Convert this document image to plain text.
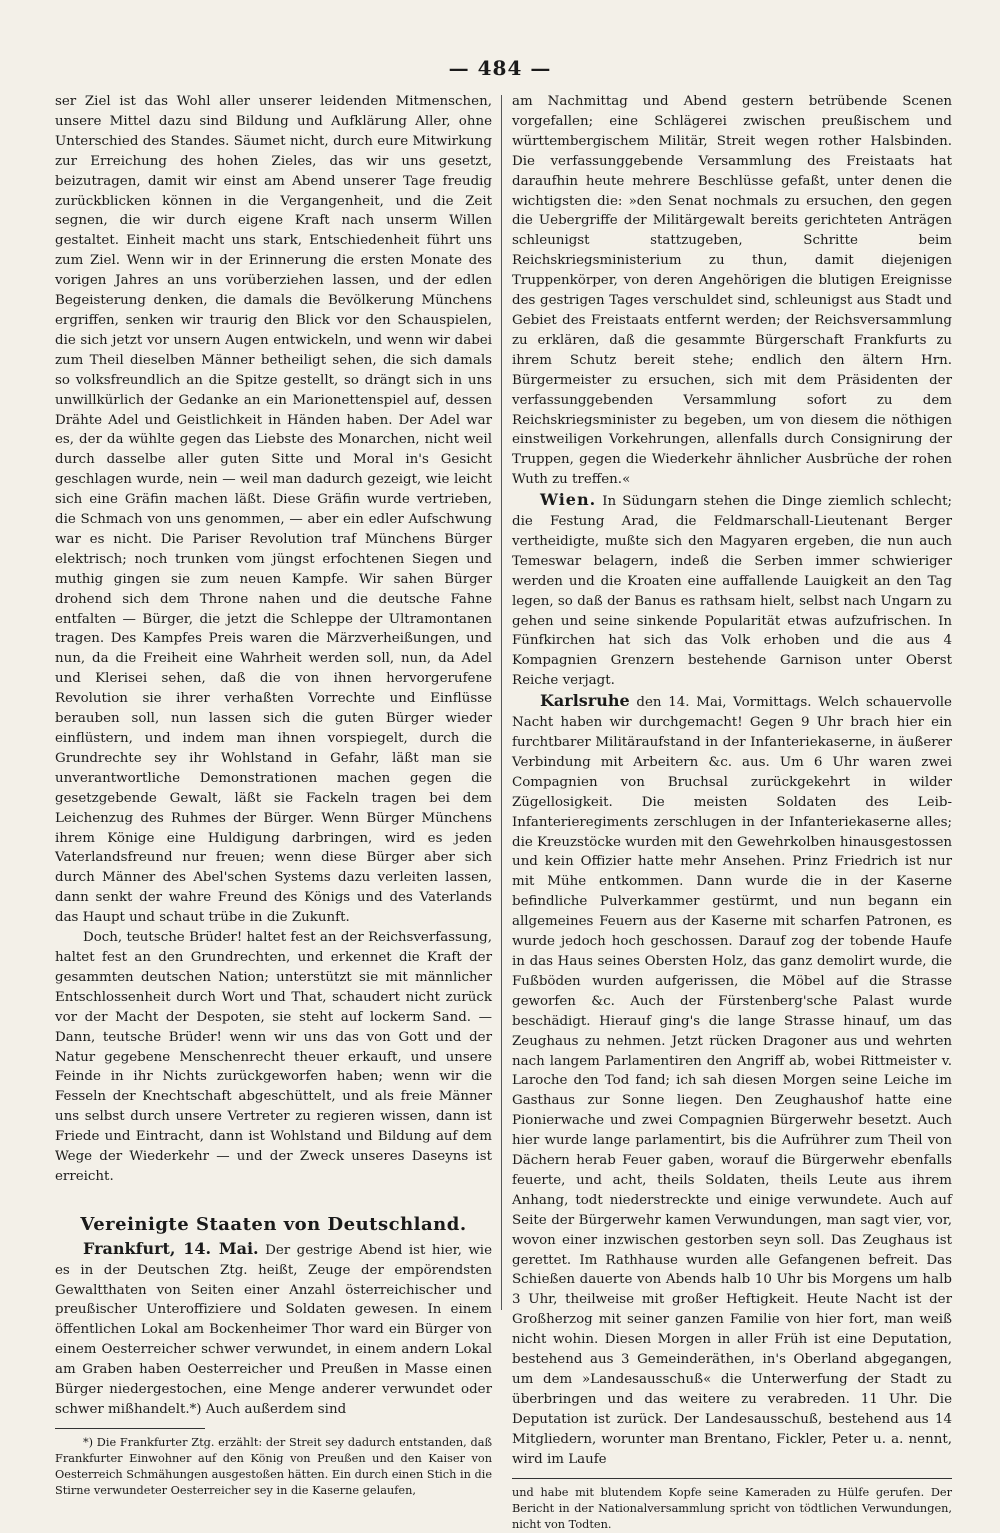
— 484 —

ser Ziel ist das Wohl aller unserer leidenden Mitmenschen, unsere Mittel dazu sind Bildung und Aufklärung Aller, ohne Unterschied des Standes. Säumet nicht, durch eure Mitwirkung zur Erreichung des hohen Zieles, das wir uns gesetzt, beizutragen, damit wir einst am Abend unserer Tage freudig zurückblicken können in die Vergangenheit, und die Zeit segnen, die wir durch eigene Kraft nach unserm Willen gestaltet. Einheit macht uns stark, Entschiedenheit führt uns zum Ziel. Wenn wir in der Erinnerung die ersten Monate des vorigen Jahres an uns vorüberziehen lassen, und der edlen Begeisterung denken, die damals die Bevölkerung Münchens ergriffen, senken wir traurig den Blick vor den Schauspielen, die sich jetzt vor unsern Augen entwickeln, und wenn wir dabei zum Theil dieselben Männer betheiligt sehen, die sich damals so volksfreundlich an die Spitze gestellt, so drängt sich in uns unwillkürlich der Gedanke an ein Marionettenspiel auf, dessen Drähte Adel und Geistlichkeit in Händen haben. Der Adel war es, der da wühlte gegen das Liebste des Monarchen, nicht weil durch dasselbe aller guten Sitte und Moral in's Gesicht geschlagen wurde, nein — weil man dadurch gezeigt, wie leicht sich eine Gräfin machen läßt. Diese Gräfin wurde vertrieben, die Schmach von uns genommen, — aber ein edler Aufschwung war es nicht. Die Pariser Revolution traf Münchens Bürger elektrisch; noch trunken vom jüngst erfochtenen Siegen und muthig gingen sie zum neuen Kampfe. Wir sahen Bürger drohend sich dem Throne nahen und die deutsche Fahne entfalten — Bürger, die jetzt die Schleppe der Ultramontanen tragen. Des Kampfes Preis waren die Märzverheißungen, und nun, da die Freiheit eine Wahrheit werden soll, nun, da Adel und Klerisei sehen, daß die von ihnen hervorgerufene Revolution sie ihrer verhaßten Vorrechte und Einflüsse berauben soll, nun lassen sich die guten Bürger wieder einflüstern, und indem man ihnen vorspiegelt, durch die Grundrechte sey ihr Wohlstand in Gefahr, läßt man sie unverantwortliche Demonstrationen machen gegen die gesetzgebende Gewalt, läßt sie Fackeln tragen bei dem Leichenzug des Ruhmes der Bürger. Wenn Bürger Münchens ihrem Könige eine Huldigung darbringen, wird es jeden Vaterlandsfreund nur freuen; wenn diese Bürger aber sich durch Männer des Abel'schen Systems dazu verleiten lassen, dann senkt der wahre Freund des Königs und des Vaterlands das Haupt und schaut trübe in die Zukunft.

Doch, teutsche Brüder! haltet fest an der Reichsverfassung, haltet fest an den Grundrechten, und erkennet die Kraft der gesammten deutschen Nation; unterstützt sie mit männlicher Entschlossenheit durch Wort und That, schaudert nicht zurück vor der Macht der Despoten, sie steht auf lockerm Sand. — Dann, teutsche Brüder! wenn wir uns das von Gott und der Natur gegebene Menschenrecht theuer erkauft, und unsere Feinde in ihr Nichts zurückgeworfen haben; wenn wir die Fesseln der Knechtschaft abgeschüttelt, und als freie Männer uns selbst durch unsere Vertreter zu regieren wissen, dann ist Friede und Eintracht, dann ist Wohlstand und Bildung auf dem Wege der Wiederkehr — und der Zweck unseres Daseyns ist erreicht.

Vereinigte Staaten von Deutschland.

Frankfurt, 14. Mai. Der gestrige Abend ist hier, wie es in der Deutschen Ztg. heißt, Zeuge der empörendsten Gewaltthaten von Seiten einer Anzahl österreichischer und preußischer Unteroffiziere und Soldaten gewesen. In einem öffentlichen Lokal am Bockenheimer Thor ward ein Bürger von einem Oesterreicher schwer verwundet, in einem andern Lokal am Graben haben Oesterreicher und Preußen in Masse einen Bürger niedergestochen, eine Menge anderer verwundet oder schwer mißhandelt.*) Auch außerdem sind

*) Die Frankfurter Ztg. erzählt: der Streit sey dadurch entstanden, daß Frankfurter Einwohner auf den König von Preußen und den Kaiser von Oesterreich Schmähungen ausgestoßen hätten. Ein durch einen Stich in die Stirne verwundeter Oesterreicher sey in die Kaserne gelaufen,

am Nachmittag und Abend gestern betrübende Scenen vorgefallen; eine Schlägerei zwischen preußischem und württembergischem Militär, Streit wegen rother Halsbinden. Die verfassunggebende Versammlung des Freistaats hat daraufhin heute mehrere Beschlüsse gefaßt, unter denen die wichtigsten die: »den Senat nochmals zu ersuchen, den gegen die Uebergriffe der Militärgewalt bereits gerichteten Anträgen schleunigst stattzugeben, Schritte beim Reichskriegsministerium zu thun, damit diejenigen Truppenkörper, von deren Angehörigen die blutigen Ereignisse des gestrigen Tages verschuldet sind, schleunigst aus Stadt und Gebiet des Freistaats entfernt werden; der Reichsversammlung zu erklären, daß die gesammte Bürgerschaft Frankfurts zu ihrem Schutz bereit stehe; endlich den ältern Hrn. Bürgermeister zu ersuchen, sich mit dem Präsidenten der verfassunggebenden Versammlung sofort zu dem Reichskriegsminister zu begeben, um von diesem die nöthigen einstweiligen Vorkehrungen, allenfalls durch Consignirung der Truppen, gegen die Wiederkehr ähnlicher Ausbrüche der rohen Wuth zu treffen.«

Wien. In Südungarn stehen die Dinge ziemlich schlecht; die Festung Arad, die Feldmarschall-Lieutenant Berger vertheidigte, mußte sich den Magyaren ergeben, die nun auch Temeswar belagern, indeß die Serben immer schwieriger werden und die Kroaten eine auffallende Lauigkeit an den Tag legen, so daß der Banus es rathsam hielt, selbst nach Ungarn zu gehen und seine sinkende Popularität etwas aufzufrischen. In Fünfkirchen hat sich das Volk erhoben und die aus 4 Kompagnien Grenzern bestehende Garnison unter Oberst Reiche verjagt.

Karlsruhe den 14. Mai, Vormittags. Welch schauervolle Nacht haben wir durchgemacht! Gegen 9 Uhr brach hier ein furchtbarer Militäraufstand in der Infanteriekaserne, in äußerer Verbindung mit Arbeitern &c. aus. Um 6 Uhr waren zwei Compagnien von Bruchsal zurückgekehrt in wilder Zügellosigkeit. Die meisten Soldaten des Leib-Infanterieregiments zerschlugen in der Infanteriekaserne alles; die Kreuzstöcke wurden mit den Gewehrkolben hinausgestossen und kein Offizier hatte mehr Ansehen. Prinz Friedrich ist nur mit Mühe entkommen. Dann wurde die in der Kaserne befindliche Pulverkammer gestürmt, und nun begann ein allgemeines Feuern aus der Kaserne mit scharfen Patronen, es wurde jedoch hoch geschossen. Darauf zog der tobende Haufe in das Haus seines Obersten Holz, das ganz demolirt wurde, die Fußböden wurden aufgerissen, die Möbel auf die Strasse geworfen &c. Auch der Fürstenberg'sche Palast wurde beschädigt. Hierauf ging's die lange Strasse hinauf, um das Zeughaus zu nehmen. Jetzt rücken Dragoner aus und wehrten nach langem Parlamentiren den Angriff ab, wobei Rittmeister v. Laroche den Tod fand; ich sah diesen Morgen seine Leiche im Gasthaus zur Sonne liegen. Den Zeughaushof hatte eine Pionierwache und zwei Compagnien Bürgerwehr besetzt. Auch hier wurde lange parlamentirt, bis die Aufrührer zum Theil von Dächern herab Feuer gaben, worauf die Bürgerwehr ebenfalls feuerte, und acht, theils Soldaten, theils Leute aus ihrem Anhang, todt niederstreckte und einige verwundete. Auch auf Seite der Bürgerwehr kamen Verwundungen, man sagt vier, vor, wovon einer inzwischen gestorben seyn soll. Das Zeughaus ist gerettet. Im Rathhause wurden alle Gefangenen befreit. Das Schießen dauerte von Abends halb 10 Uhr bis Morgens um halb 3 Uhr, theilweise mit großer Heftigkeit. Heute Nacht ist der Großherzog mit seiner ganzen Familie von hier fort, man weiß nicht wohin. Diesen Morgen in aller Früh ist eine Deputation, bestehend aus 3 Gemeinderäthen, in's Oberland abgegangen, um dem »Landesausschuß« die Unterwerfung der Stadt zu überbringen und das weitere zu verabreden. 11 Uhr. Die Deputation ist zurück. Der Landesausschuß, bestehend aus 14 Mitgliedern, worunter man Brentano, Fickler, Peter u. a. nennt, wird im Laufe

und habe mit blutendem Kopfe seine Kameraden zu Hülfe gerufen. Der Bericht in der Nationalversammlung spricht von tödtlichen Verwundungen, nicht von Todten.
